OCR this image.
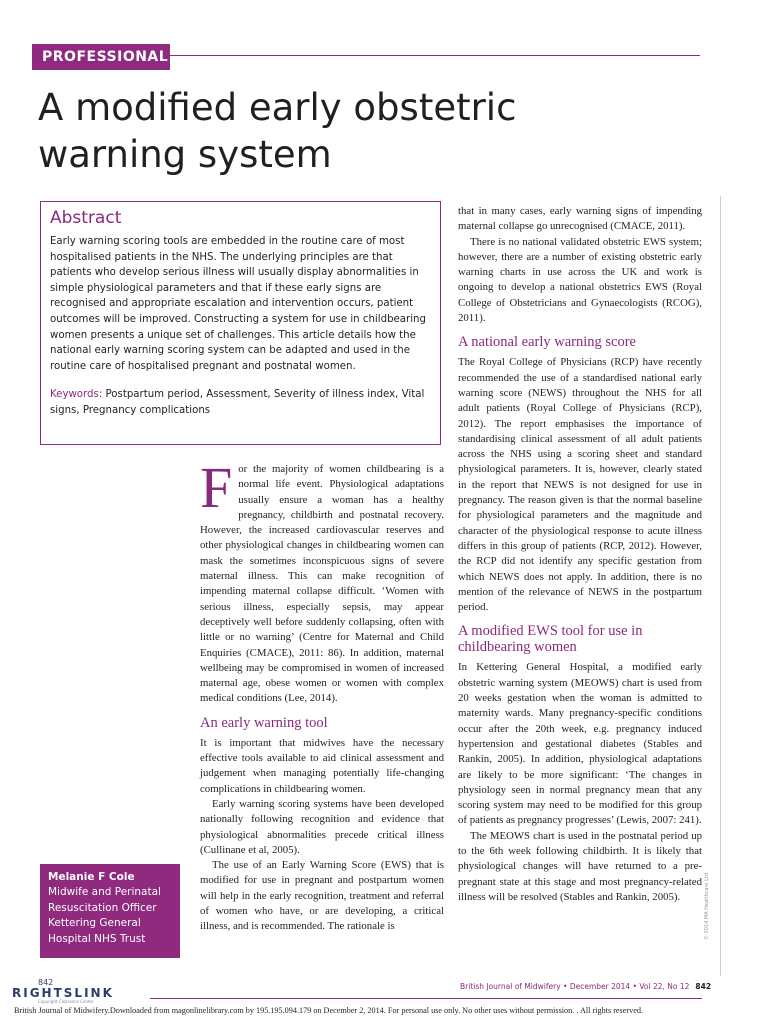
PROFESSIONAL
A modified early obstetric warning system
Abstract

Early warning scoring tools are embedded in the routine care of most hospitalised patients in the NHS. The underlying principles are that patients who develop serious illness will usually display abnormalities in simple physiological parameters and that if these early signs are recognised and appropriate escalation and intervention occurs, patient outcomes will be improved. Constructing a system for use in childbearing women presents a unique set of challenges. This article details how the national early warning scoring system can be adapted and used in the routine care of hospitalised pregnant and postnatal women.

Keywords: Postpartum period, Assessment, Severity of illness index, Vital signs, Pregnancy complications

For the majority of women childbearing is a normal life event. Physiological adaptations usually ensure a woman has a healthy pregnancy, childbirth and postnatal recovery. However, the increased cardiovascular reserves and other physiological changes in childbearing women can mask the sometimes inconspicuous signs of severe maternal illness. This can make recognition of impending maternal collapse difficult. ‘Women with serious illness, especially sepsis, may appear deceptively well before suddenly collapsing, often with little or no warning’ (Centre for Maternal and Child Enquiries (CMACE), 2011: 86). In addition, maternal wellbeing may be compromised in women of increased maternal age, obese women or women with complex medical conditions (Lee, 2014).

An early warning tool

It is important that midwives have the necessary effective tools available to aid clinical assessment and judgement when managing potentially life-changing complications in childbearing women.

Early warning scoring systems have been developed nationally following recognition and evidence that physiological abnormalities precede critical illness (Cullinane et al, 2005).

The use of an Early Warning Score (EWS) that is modified for use in pregnant and postpartum women will help in the early recognition, treatment and referral of women who have, or are developing, a critical illness, and is recommended. The rationale is

that in many cases, early warning signs of impending maternal collapse go unrecognised (CMACE, 2011).

There is no national validated obstetric EWS system; however, there are a number of existing obstetric early warning charts in use across the UK and work is ongoing to develop a national obstetrics EWS (Royal College of Obstetricians and Gynaecologists (RCOG), 2011).

A national early warning score

The Royal College of Physicians (RCP) have recently recommended the use of a standardised national early warning score (NEWS) throughout the NHS for all adult patients (Royal College of Physicians (RCP), 2012). The report emphasises the importance of standardising clinical assessment of all adult patients across the NHS using a scoring sheet and standard physiological parameters. It is, however, clearly stated in the report that NEWS is not designed for use in pregnancy. The reason given is that the normal baseline for physiological parameters and the magnitude and character of the physiological response to acute illness differs in this group of patients (RCP, 2012). However, the RCP did not identify any specific gestation from which NEWS does not apply. In addition, there is no mention of the relevance of NEWS in the postpartum period.

A modified EWS tool for use in childbearing women

In Kettering General Hospital, a modified early obstetric warning system (MEOWS) chart is used from 20 weeks gestation when the woman is admitted to maternity wards. Many pregnancy-specific conditions occur after the 20th week, e.g. pregnancy induced hypertension and gestational diabetes (Stables and Rankin, 2005). In addition, physiological adaptations are likely to be more significant: ‘The changes in physiology seen in normal pregnancy mean that any scoring system may need to be modified for this group of patients as pregnancy progresses’ (Lewis, 2007: 241).

The MEOWS chart is used in the postnatal period up to the 6th week following childbirth. It is likely that physiological changes will have returned to a pre-pregnant state at this stage and most pregnancy-related illness will be resolved (Stables and Rankin, 2005).

Melanie F Cole
Midwife and Perinatal Resuscitation Officer Kettering General Hospital NHS Trust	© 2014 MA Healthcare Ltd
842
RIGHTSLINK
Copyright Clearance Center
British Journal of Midwifery • December 2014 • Vol 22, No 12 842
British Journal of Midwifery.Downloaded from magonlinelibrary.com by 195.195.094.179 on December 2, 2014. For personal use only. No other uses without permission. . All rights reserved.
